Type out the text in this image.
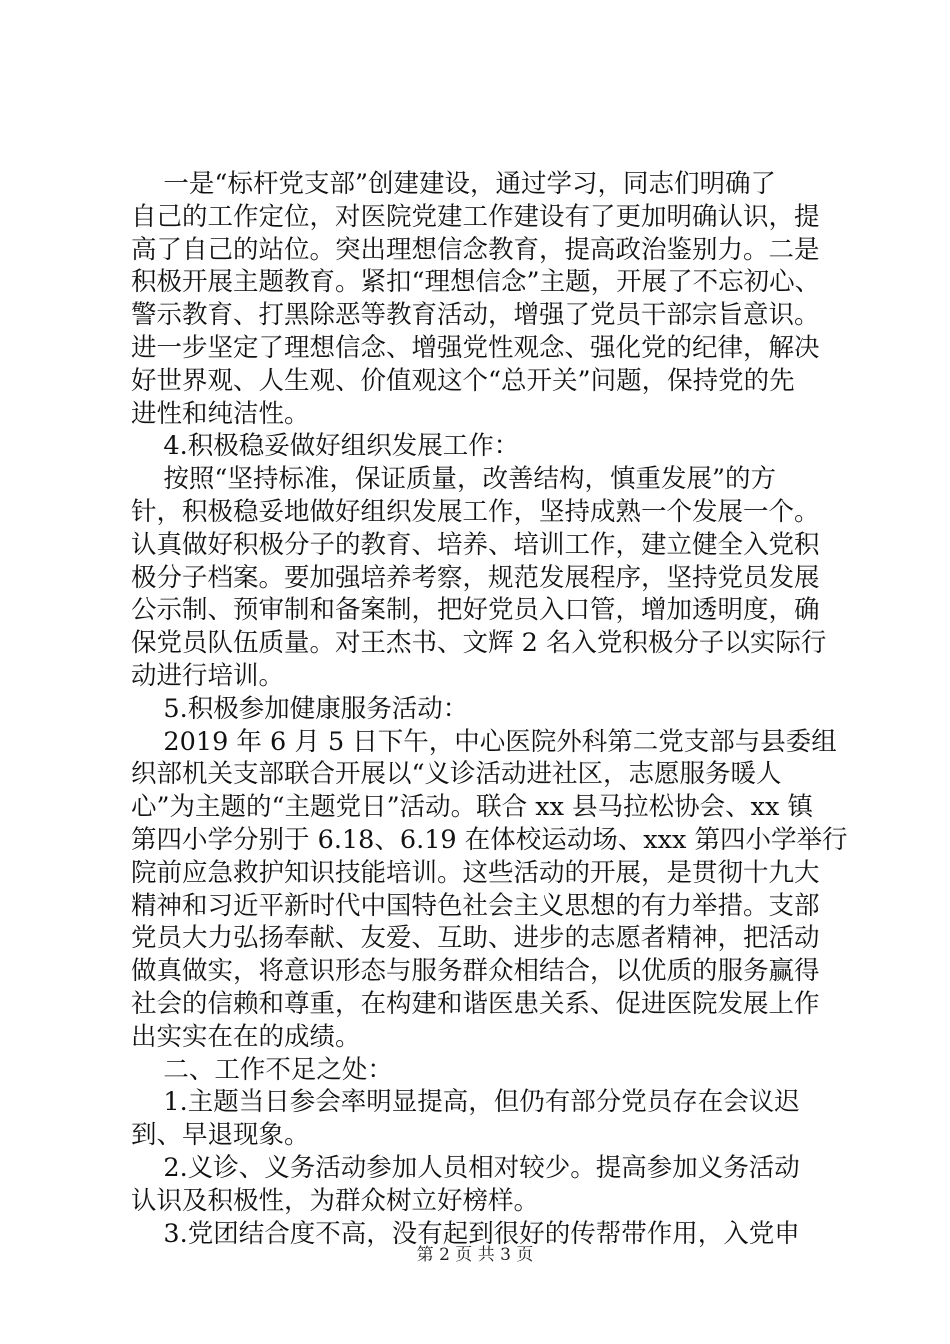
一是“标杆党支部”创建建设，通过学习，同志们明确了
自己的工作定位，对医院党建工作建设有了更加明确认识，提
高了自己的站位。突出理想信念教育，提高政治鉴别力。二是
积极开展主题教育。紧扣“理想信念”主题，开展了不忘初心、
警示教育、打黑除恶等教育活动，增强了党员干部宗旨意识。
进一步坚定了理想信念、增强党性观念、强化党的纪律，解决
好世界观、人生观、价值观这个“总开关”问题，保持党的先
进性和纯洁性。
4.积极稳妥做好组织发展工作：
按照“坚持标准，保证质量，改善结构，慎重发展”的方
针，积极稳妥地做好组织发展工作，坚持成熟一个发展一个。
认真做好积极分子的教育、培养、培训工作，建立健全入党积
极分子档案。要加强培养考察，规范发展程序，坚持党员发展
公示制、预审制和备案制，把好党员入口管，增加透明度，确
保党员队伍质量。对王杰书、文辉 2 名入党积极分子以实际行
动进行培训。
5.积极参加健康服务活动：
2019 年 6 月 5 日下午，中心医院外科第二党支部与县委组
织部机关支部联合开展以“义诊活动进社区，志愿服务暖人
心”为主题的“主题党日”活动。联合 xx 县马拉松协会、xx 镇
第四小学分别于 6.18、6.19 在体校运动场、xxx 第四小学举行
院前应急救护知识技能培训。这些活动的开展，是贯彻十九大
精神和习近平新时代中国特色社会主义思想的有力举措。支部
党员大力弘扬奉献、友爱、互助、进步的志愿者精神，把活动
做真做实，将意识形态与服务群众相结合，以优质的服务赢得
社会的信赖和尊重，在构建和谐医患关系、促进医院发展上作
出实实在在的成绩。
二、工作不足之处：
1.主题当日参会率明显提高，但仍有部分党员存在会议迟
到、早退现象。
2.义诊、义务活动参加人员相对较少。提高参加义务活动
认识及积极性，为群众树立好榜样。
3.党团结合度不高，没有起到很好的传帮带作用，入党申
第 2 页 共 3 页
